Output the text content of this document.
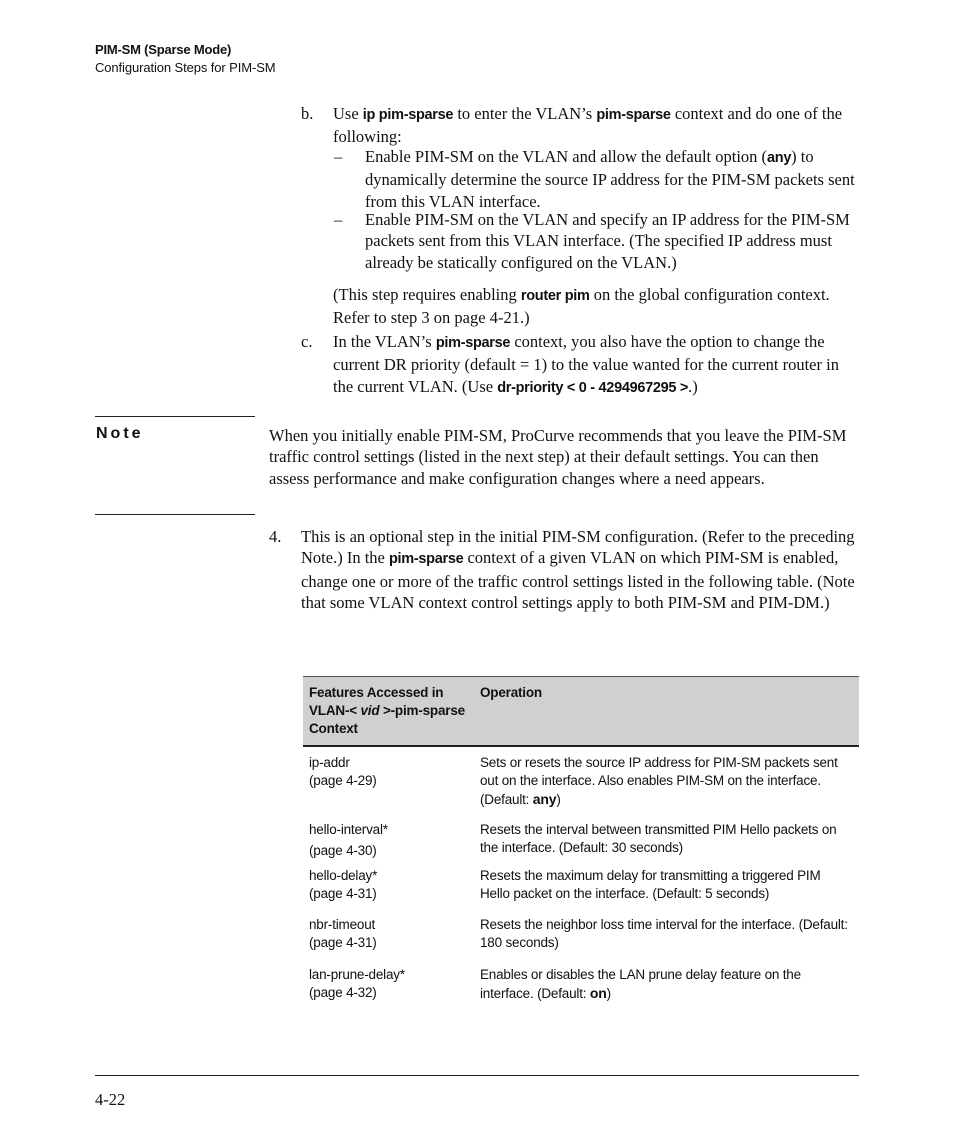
PIM-SM (Sparse Mode)
Configuration Steps for PIM-SM
b. Use ip pim-sparse to enter the VLAN’s pim-sparse context and do one of the following:
– Enable PIM-SM on the VLAN and allow the default option (any) to dynamically determine the source IP address for the PIM-SM packets sent from this VLAN interface.
– Enable PIM-SM on the VLAN and specify an IP address for the PIM-SM packets sent from this VLAN interface. (The specified IP address must already be statically configured on the VLAN.)
(This step requires enabling router pim on the global configuration context. Refer to step 3 on page 4-21.)
c. In the VLAN’s pim-sparse context, you also have the option to change the current DR priority (default = 1) to the value wanted for the current router in the current VLAN. (Use dr-priority < 0 - 4294967295 >.)
Note	When you initially enable PIM-SM, ProCurve recommends that you leave the PIM-SM traffic control settings (listed in the next step) at their default settings. You can then assess performance and make configuration changes where a need appears.
4. This is an optional step in the initial PIM-SM configuration. (Refer to the preceding Note.) In the pim-sparse context of a given VLAN on which PIM-SM is enabled, change one or more of the traffic control settings listed in the following table. (Note that some VLAN context control settings apply to both PIM-SM and PIM-DM.)
Features Accessed in VLAN-< vid >-pim-sparse Context	Operation

ip-addr
(page 4-29)	Sets or resets the source IP address for PIM-SM packets sent out on the interface. Also enables PIM-SM on the interface. (Default: any)

hello-interval*
(page 4-30)	Resets the interval between transmitted PIM Hello packets on the interface. (Default: 30 seconds)

hello-delay*
(page 4-31)	Resets the maximum delay for transmitting a triggered PIM Hello packet on the interface. (Default: 5 seconds)

nbr-timeout
(page 4-31)	Resets the neighbor loss time interval for the interface. (Default: 180 seconds)

lan-prune-delay*
(page 4-32)	Enables or disables the LAN prune delay feature on the interface. (Default: on)
4-22
